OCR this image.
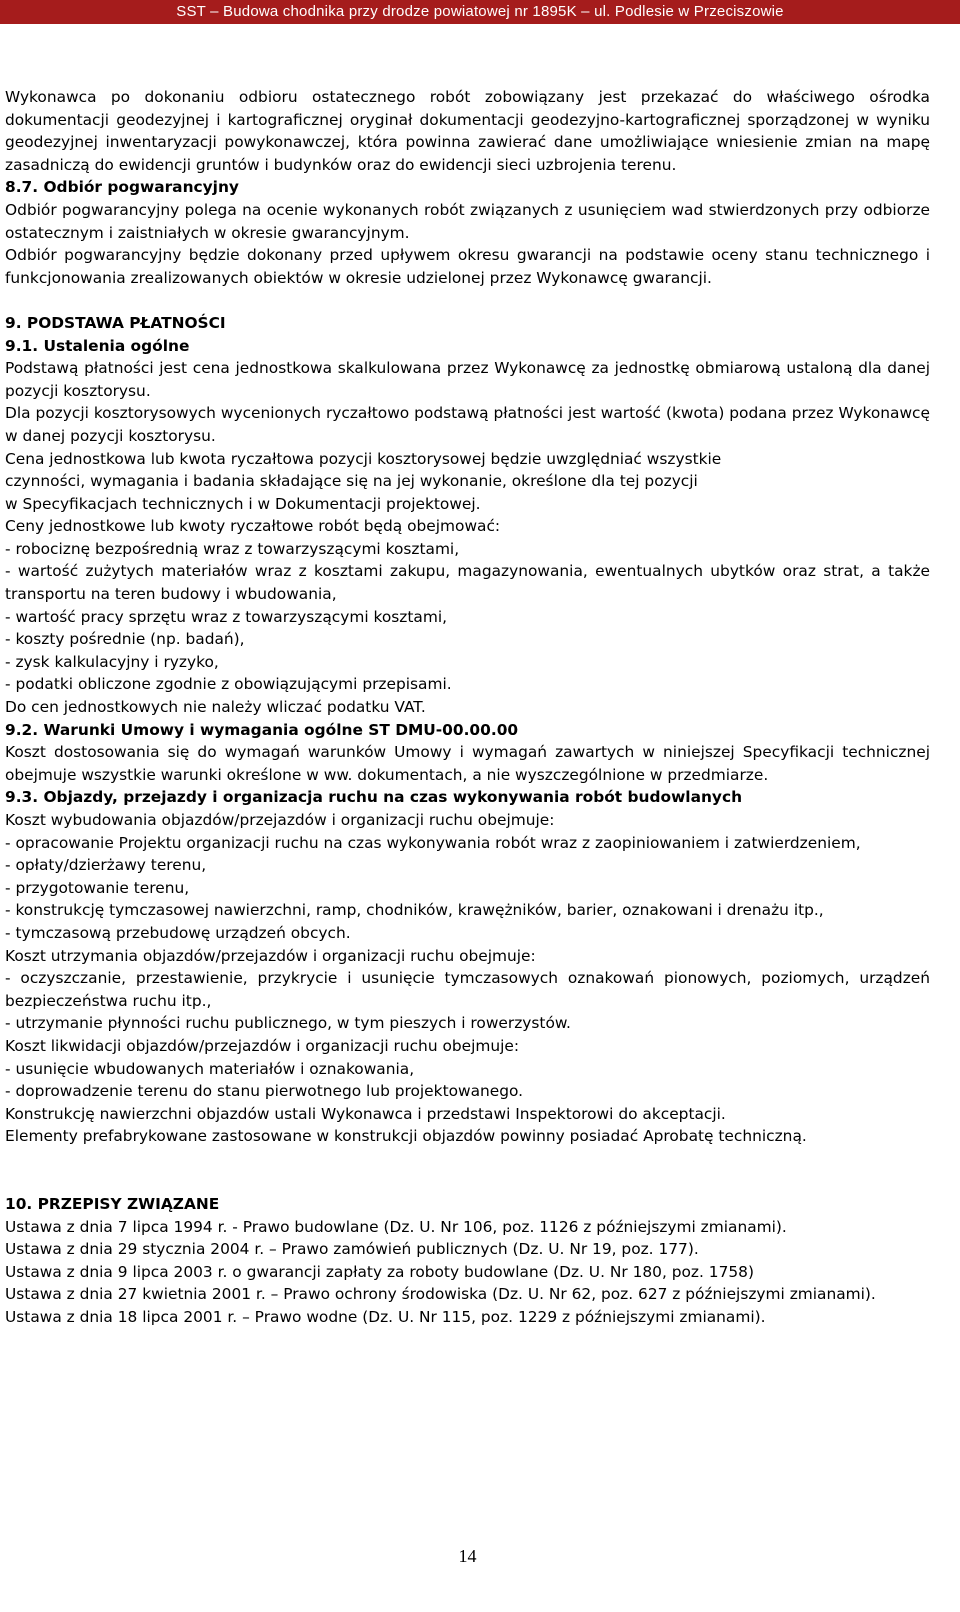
SST – Budowa chodnika przy drodze powiatowej nr 1895K – ul. Podlesie w Przeciszowie

Wykonawca po dokonaniu odbioru ostatecznego robót zobowiązany jest przekazać do właściwego ośrodka dokumentacji geodezyjnej i kartograficznej oryginał dokumentacji geodezyjno-kartograficznej sporządzonej w wyniku geodezyjnej inwentaryzacji powykonawczej, która powinna zawierać dane umożliwiające wniesienie zmian na mapę zasadniczą do ewidencji gruntów i budynków oraz do ewidencji sieci uzbrojenia terenu.

8.7. Odbiór pogwarancyjny

Odbiór pogwarancyjny polega na ocenie wykonanych robót związanych z usunięciem wad stwierdzonych przy odbiorze ostatecznym i zaistniałych w okresie gwarancyjnym.

Odbiór pogwarancyjny będzie dokonany przed upływem okresu gwarancji na podstawie oceny stanu technicznego i funkcjonowania zrealizowanych obiektów w okresie udzielonej przez Wykonawcę gwarancji.

9. PODSTAWA PŁATNOŚCI

9.1. Ustalenia ogólne

Podstawą płatności jest cena jednostkowa skalkulowana przez Wykonawcę za jednostkę obmiarową ustaloną dla danej pozycji kosztorysu.

Dla pozycji kosztorysowych wycenionych ryczałtowo podstawą płatności jest wartość (kwota) podana przez Wykonawcę w danej pozycji kosztorysu.

Cena jednostkowa lub kwota ryczałtowa pozycji kosztorysowej będzie uwzględniać wszystkie

czynności, wymagania i badania składające się na jej wykonanie, określone dla tej pozycji

w Specyfikacjach technicznych i w Dokumentacji projektowej.

Ceny jednostkowe lub kwoty ryczałtowe robót będą obejmować:

- robociznę bezpośrednią wraz z towarzyszącymi kosztami,

- wartość zużytych materiałów wraz z kosztami zakupu, magazynowania, ewentualnych ubytków oraz strat, a także transportu na teren budowy i wbudowania,

- wartość pracy sprzętu wraz z towarzyszącymi kosztami,

- koszty pośrednie (np. badań),

- zysk kalkulacyjny i ryzyko,

- podatki obliczone zgodnie z obowiązującymi przepisami.

Do cen jednostkowych nie należy wliczać podatku VAT.

9.2. Warunki Umowy i wymagania ogólne ST DMU-00.00.00

Koszt dostosowania się do wymagań warunków Umowy i wymagań zawartych w niniejszej Specyfikacji technicznej obejmuje wszystkie warunki określone w ww. dokumentach, a nie wyszczególnione w przedmiarze.

9.3. Objazdy, przejazdy i organizacja ruchu na czas wykonywania robót budowlanych

Koszt wybudowania objazdów/przejazdów i organizacji ruchu obejmuje:

- opracowanie Projektu organizacji ruchu na czas wykonywania robót wraz z zaopiniowaniem i zatwierdzeniem,

- opłaty/dzierżawy terenu,

- przygotowanie terenu,

- konstrukcję tymczasowej nawierzchni, ramp, chodników, krawężników, barier, oznakowani i drenażu itp.,

- tymczasową przebudowę urządzeń obcych.

Koszt utrzymania objazdów/przejazdów i organizacji ruchu obejmuje:

- oczyszczanie, przestawienie, przykrycie i usunięcie tymczasowych oznakowań pionowych, poziomych, urządzeń bezpieczeństwa ruchu itp.,

- utrzymanie płynności ruchu publicznego, w tym pieszych i rowerzystów.

Koszt likwidacji objazdów/przejazdów i organizacji ruchu obejmuje:

- usunięcie wbudowanych materiałów i oznakowania,

- doprowadzenie terenu do stanu pierwotnego lub projektowanego.

Konstrukcję nawierzchni objazdów ustali Wykonawca i przedstawi Inspektorowi do akceptacji.

Elementy prefabrykowane zastosowane w konstrukcji objazdów powinny posiadać Aprobatę techniczną.

10. PRZEPISY ZWIĄZANE

Ustawa z dnia 7 lipca 1994 r. - Prawo budowlane (Dz. U. Nr 106, poz. 1126 z późniejszymi zmianami).

Ustawa z dnia 29 stycznia 2004 r. – Prawo zamówień publicznych (Dz. U. Nr 19, poz. 177).

Ustawa z dnia 9 lipca 2003 r. o gwarancji zapłaty za roboty budowlane (Dz. U. Nr 180, poz. 1758)

Ustawa z dnia 27 kwietnia 2001 r. – Prawo ochrony środowiska (Dz. U. Nr 62, poz. 627 z późniejszymi zmianami).

Ustawa z dnia 18 lipca 2001 r. – Prawo wodne (Dz. U. Nr 115, poz. 1229 z późniejszymi zmianami).

14
